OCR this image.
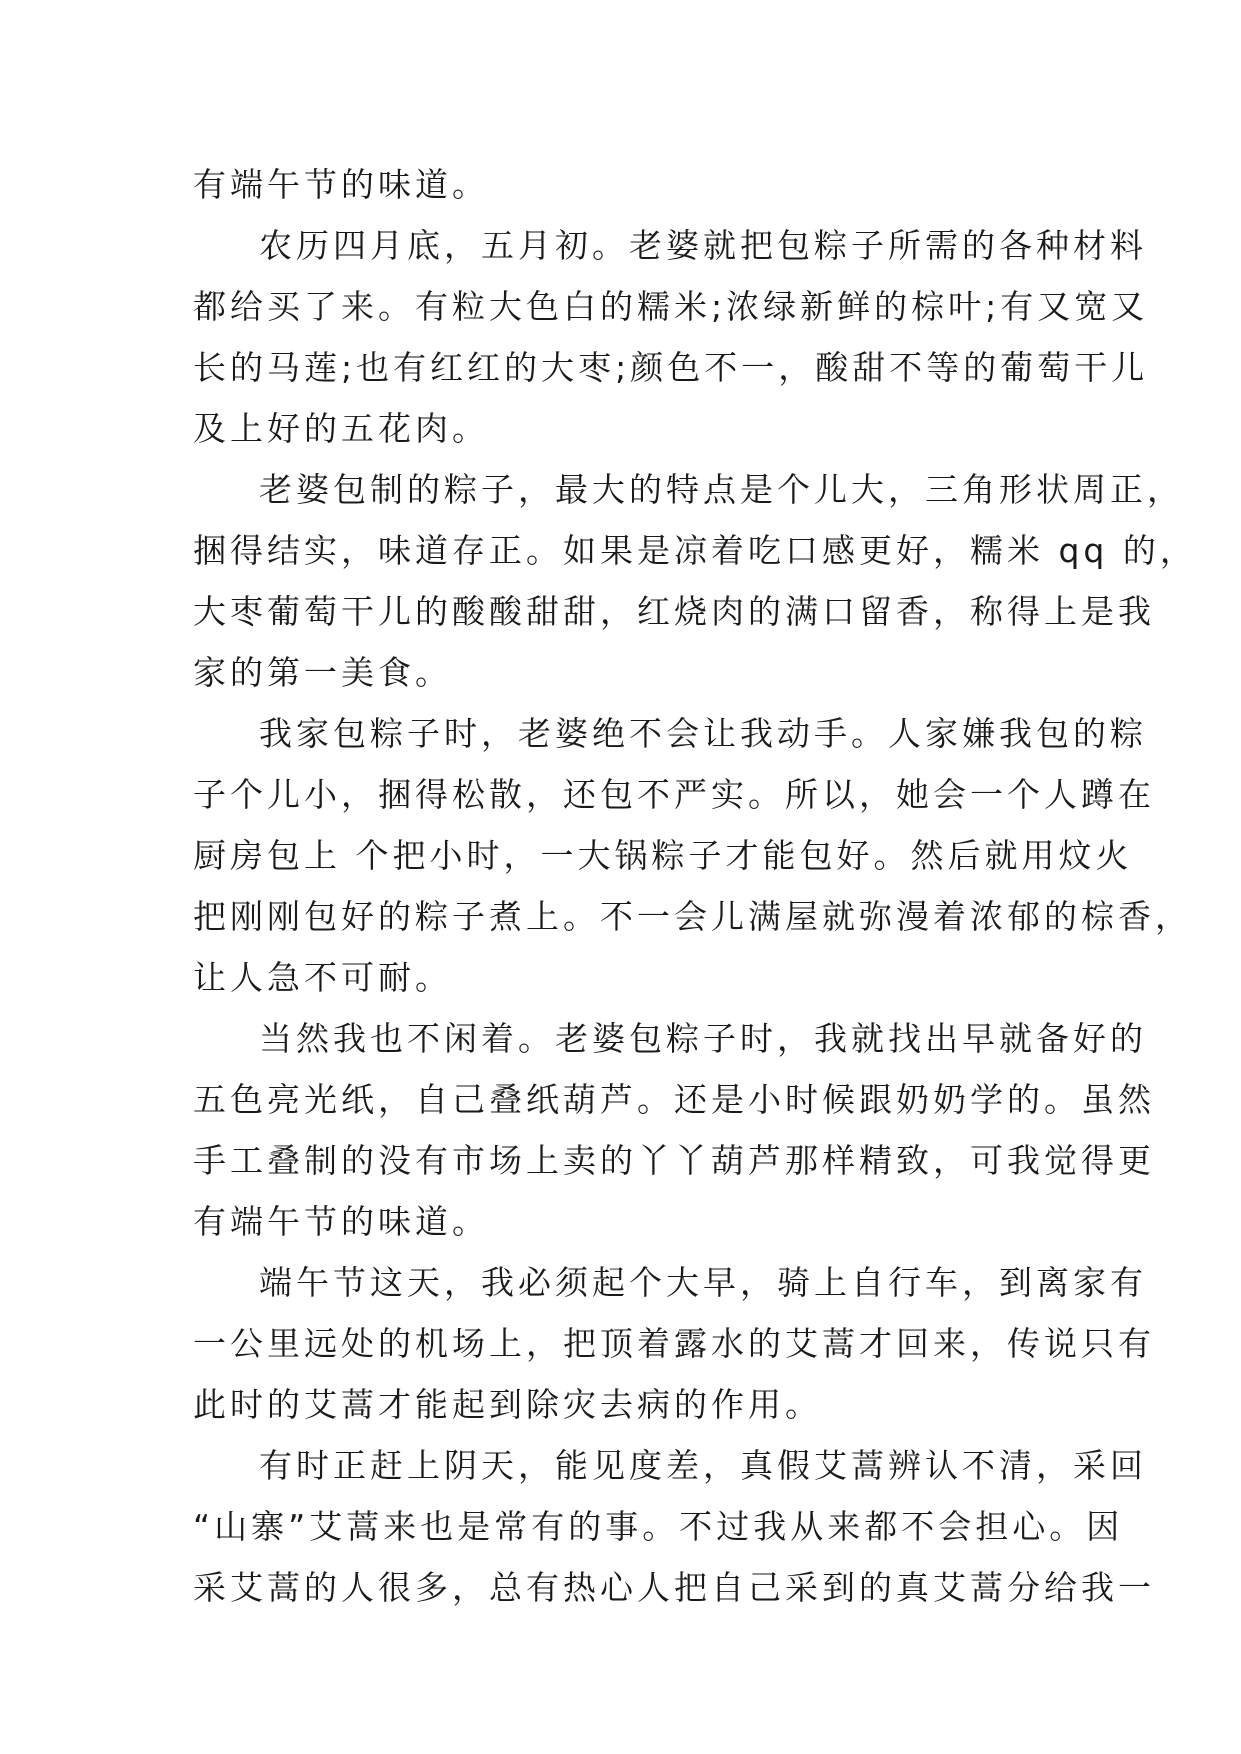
有端午节的味道。
农历四月底，五月初。老婆就把包粽子所需的各种材料
都给买了来。有粒大色白的糯米;浓绿新鲜的棕叶;有又宽又
长的马莲;也有红红的大枣;颜色不一，酸甜不等的葡萄干儿
及上好的五花肉。
老婆包制的粽子，最大的特点是个儿大，三角形状周正，
捆得结实，味道存正。如果是凉着吃口感更好，糯米 qq 的，
大枣葡萄干儿的酸酸甜甜，红烧肉的满口留香，称得上是我
家的第一美食。
我家包粽子时，老婆绝不会让我动手。人家嫌我包的粽
子个儿小，捆得松散，还包不严实。所以，她会一个人蹲在
厨房包上 个把小时，一大锅粽子才能包好。然后就用炆火
把刚刚包好的粽子煮上。不一会儿满屋就弥漫着浓郁的棕香，
让人急不可耐。
当然我也不闲着。老婆包粽子时，我就找出早就备好的
五色亮光纸，自己叠纸葫芦。还是小时候跟奶奶学的。虽然
手工叠制的没有市场上卖的丫丫葫芦那样精致，可我觉得更
有端午节的味道。
端午节这天，我必须起个大早，骑上自行车，到离家有
一公里远处的机场上，把顶着露水的艾蒿才回来，传说只有
此时的艾蒿才能起到除灾去病的作用。
有时正赶上阴天，能见度差，真假艾蒿辨认不清，采回
“山寨”艾蒿来也是常有的事。不过我从来都不会担心。因
采艾蒿的人很多，总有热心人把自己采到的真艾蒿分给我一
